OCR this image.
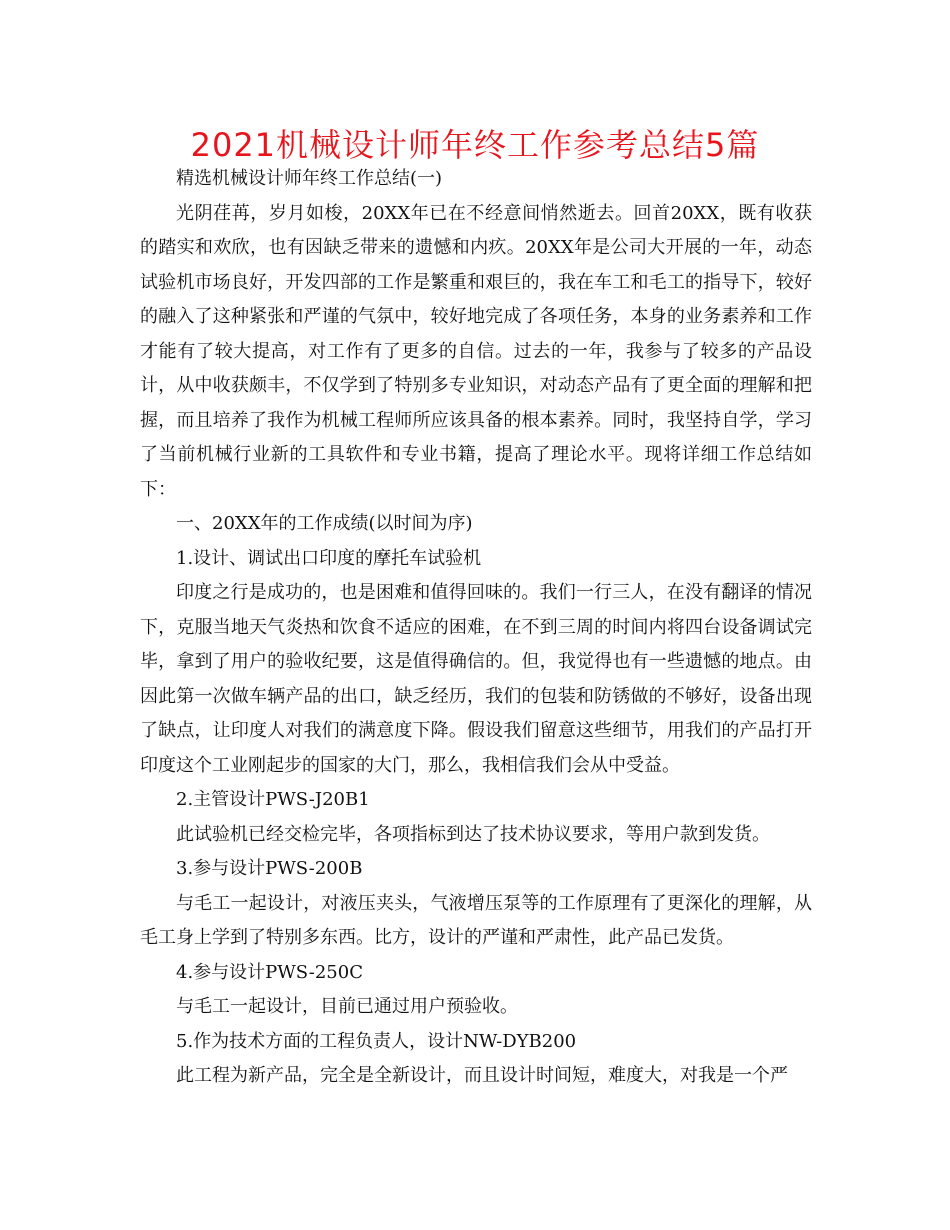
2021机械设计师年终工作参考总结5篇

精选机械设计师年终工作总结(一)

光阴荏苒，岁月如梭，20XX年已在不经意间悄然逝去。回首20XX，既有收获的踏实和欢欣，也有因缺乏带来的遗憾和内疚。20XX年是公司大开展的一年，动态试验机市场良好，开发四部的工作是繁重和艰巨的，我在车工和毛工的指导下，较好的融入了这种紧张和严谨的气氛中，较好地完成了各项任务，本身的业务素养和工作才能有了较大提高，对工作有了更多的自信。过去的一年，我参与了较多的产品设计，从中收获颇丰，不仅学到了特别多专业知识，对动态产品有了更全面的理解和把握，而且培养了我作为机械工程师所应该具备的根本素养。同时，我坚持自学，学习了当前机械行业新的工具软件和专业书籍，提高了理论水平。现将详细工作总结如下：

一、20XX年的工作成绩(以时间为序)

1.设计、调试出口印度的摩托车试验机

印度之行是成功的，也是困难和值得回味的。我们一行三人，在没有翻译的情况下，克服当地天气炎热和饮食不适应的困难，在不到三周的时间内将四台设备调试完毕，拿到了用户的验收纪要，这是值得确信的。但，我觉得也有一些遗憾的地点。由因此第一次做车辆产品的出口，缺乏经历，我们的包装和防锈做的不够好，设备出现了缺点，让印度人对我们的满意度下降。假设我们留意这些细节，用我们的产品打开印度这个工业刚起步的国家的大门，那么，我相信我们会从中受益。

2.主管设计PWS-J20B1

此试验机已经交检完毕，各项指标到达了技术协议要求，等用户款到发货。

3.参与设计PWS-200B

与毛工一起设计，对液压夹头，气液增压泵等的工作原理有了更深化的理解，从毛工身上学到了特别多东西。比方，设计的严谨和严肃性，此产品已发货。

4.参与设计PWS-250C

与毛工一起设计，目前已通过用户预验收。

5.作为技术方面的工程负责人，设计NW-DYB200

此工程为新产品，完全是全新设计，而且设计时间短，难度大，对我是一个严
